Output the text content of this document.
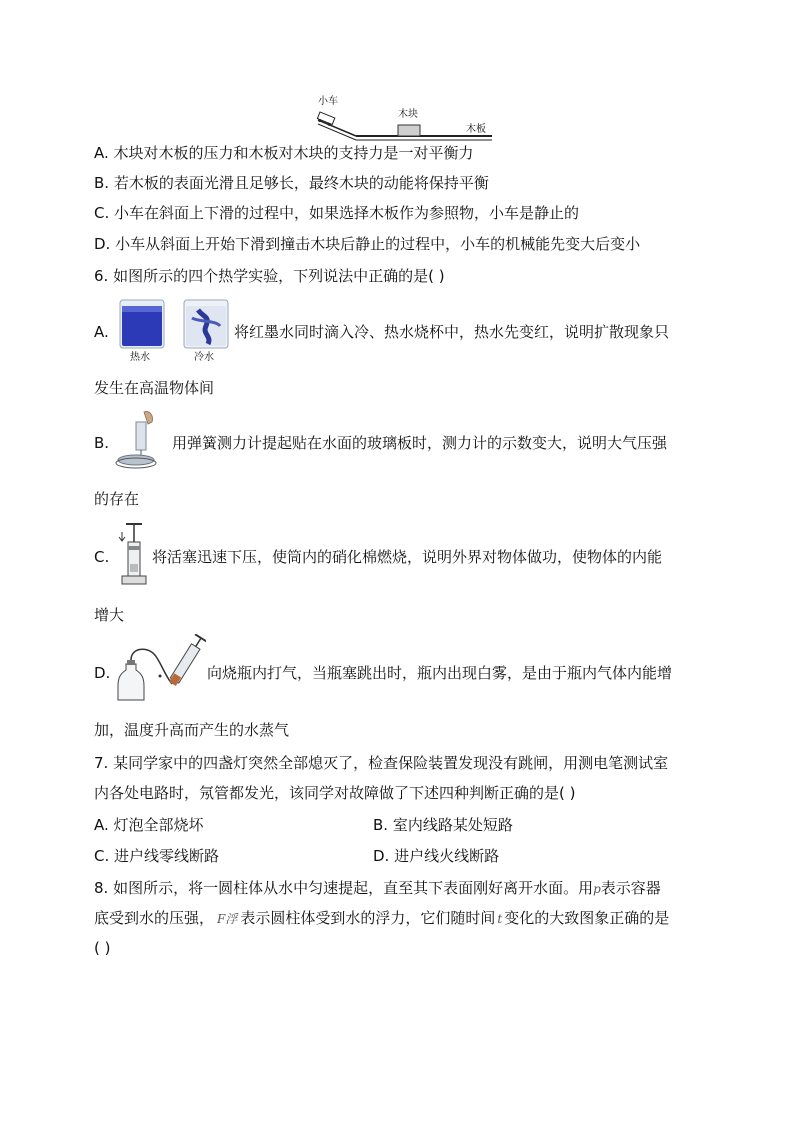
小车
木块
木板
A. 木块对木板的压力和木板对木块的支持力是一对平衡力
B. 若木板的表面光滑且足够长，最终木块的动能将保持平衡
C. 小车在斜面上下滑的过程中，如果选择木板作为参照物，小车是静止的
D. 小车从斜面上开始下滑到撞击木块后静止的过程中，小车的机械能先变大后变小
6. 如图所示的四个热学实验，下列说法中正确的是( )
A.
热水	冷水
将红墨水同时滴入冷、热水烧杯中，热水先变红，说明扩散现象只
发生在高温物体间
B.	用弹簧测力计提起贴在水面的玻璃板时，测力计的示数变大，说明大气压强
的存在
C.	将活塞迅速下压，使筒内的硝化棉燃烧，说明外界对物体做功，使物体的内能
增大
D.	向烧瓶内打气，当瓶塞跳出时，瓶内出现白雾，是由于瓶内气体内能增
加，温度升高而产生的水蒸气
7. 某同学家中的四盏灯突然全部熄灭了，检查保险装置发现没有跳闸，用测电笔测试室
内各处电路时，氖管都发光，该同学对故障做了下述四种判断正确的是( )
A. 灯泡全部烧坏	B. 室内线路某处短路
C. 进户线零线断路	D. 进户线火线断路
8. 如图所示，将一圆柱体从水中匀速提起，直至其下表面刚好离开水面。用p表示容器
底受到水的压强， F浮 表示圆柱体受到水的浮力，它们随时间 t 变化的大致图象正确的是
( )
